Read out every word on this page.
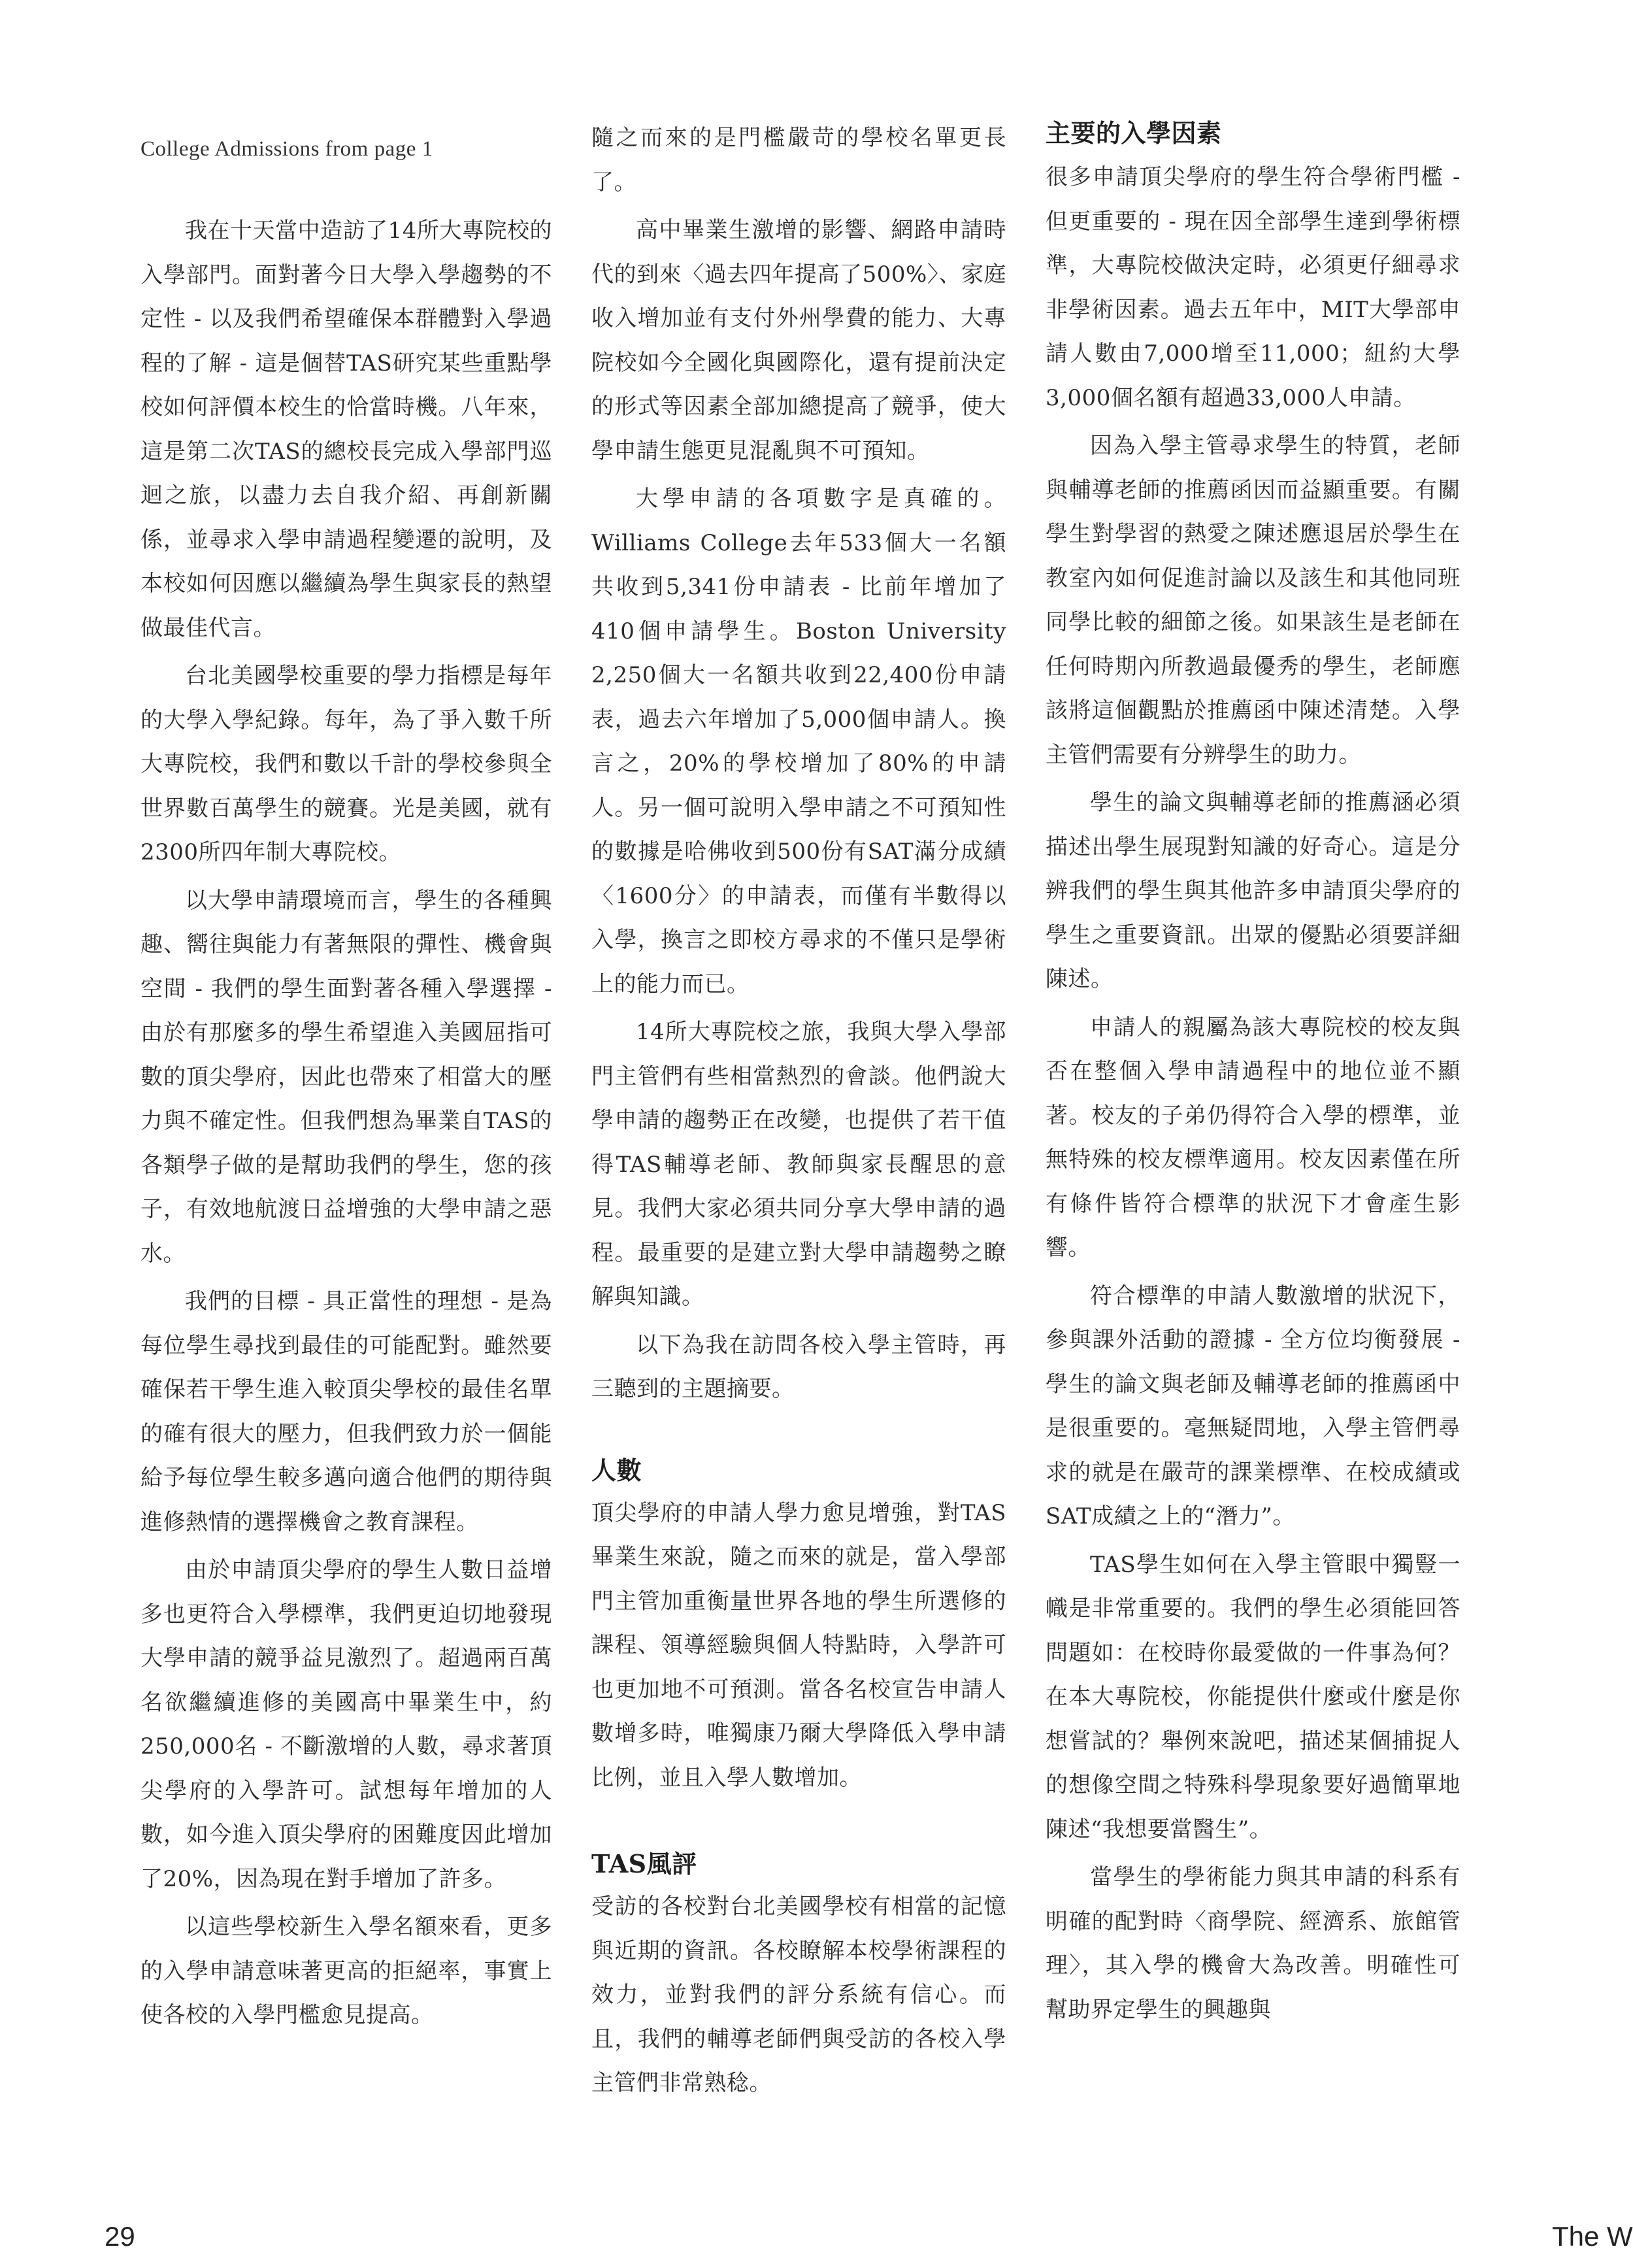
College Admissions from page 1

我在十天當中造訪了14所大專院校的入學部門。面對著今日大學入學趨勢的不定性 - 以及我們希望確保本群體對入學過程的了解 - 這是個替TAS研究某些重點學校如何評價本校生的恰當時機。八年來，這是第二次TAS的總校長完成入學部門巡迴之旅，以盡力去自我介紹、再創新關係，並尋求入學申請過程變遷的說明，及本校如何因應以繼續為學生與家長的熱望做最佳代言。

台北美國學校重要的學力指標是每年的大學入學紀錄。每年，為了爭入數千所大專院校，我們和數以千計的學校參與全世界數百萬學生的競賽。光是美國，就有2300所四年制大專院校。

以大學申請環境而言，學生的各種興趣、嚮往與能力有著無限的彈性、機會與空間 - 我們的學生面對著各種入學選擇 - 由於有那麼多的學生希望進入美國屈指可數的頂尖學府，因此也帶來了相當大的壓力與不確定性。但我們想為畢業自TAS的各類學子做的是幫助我們的學生，您的孩子，有效地航渡日益增強的大學申請之惡水。

我們的目標 - 具正當性的理想 - 是為每位學生尋找到最佳的可能配對。雖然要確保若干學生進入較頂尖學校的最佳名單的確有很大的壓力，但我們致力於一個能給予每位學生較多邁向適合他們的期待與進修熱情的選擇機會之教育課程。

由於申請頂尖學府的學生人數日益增多也更符合入學標準，我們更迫切地發現大學申請的競爭益見激烈了。超過兩百萬名欲繼續進修的美國高中畢業生中，約250,000名 - 不斷激增的人數，尋求著頂尖學府的入學許可。試想每年增加的人數，如今進入頂尖學府的困難度因此增加了20%，因為現在對手增加了許多。

以這些學校新生入學名額來看，更多的入學申請意味著更高的拒絕率，事實上使各校的入學門檻愈見提高。

隨之而來的是門檻嚴苛的學校名單更長了。

高中畢業生激增的影響、網路申請時代的到來〈過去四年提高了500%〉、家庭收入增加並有支付外州學費的能力、大專院校如今全國化與國際化，還有提前決定的形式等因素全部加總提高了競爭，使大學申請生態更見混亂與不可預知。

大學申請的各項數字是真確的。Williams College去年533個大一名額共收到5,341份申請表 - 比前年增加了410個申請學生。Boston University 2,250個大一名額共收到22,400份申請表，過去六年增加了5,000個申請人。換言之，20%的學校增加了80%的申請人。另一個可說明入學申請之不可預知性的數據是哈佛收到500份有SAT滿分成績〈1600分〉的申請表，而僅有半數得以入學，換言之即校方尋求的不僅只是學術上的能力而已。

14所大專院校之旅，我與大學入學部門主管們有些相當熱烈的會談。他們說大學申請的趨勢正在改變，也提供了若干值得TAS輔導老師、教師與家長醒思的意見。我們大家必須共同分享大學申請的過程。最重要的是建立對大學申請趨勢之瞭解與知識。

以下為我在訪問各校入學主管時，再三聽到的主題摘要。

人數

頂尖學府的申請人學力愈見增強，對TAS畢業生來說，隨之而來的就是，當入學部門主管加重衡量世界各地的學生所選修的課程、領導經驗與個人特點時，入學許可也更加地不可預測。當各名校宣告申請人數增多時，唯獨康乃爾大學降低入學申請比例，並且入學人數增加。

TAS風評

受訪的各校對台北美國學校有相當的記憶與近期的資訊。各校瞭解本校學術課程的效力，並對我們的評分系統有信心。而且，我們的輔導老師們與受訪的各校入學主管們非常熟稔。

主要的入學因素

很多申請頂尖學府的學生符合學術門檻 - 但更重要的 - 現在因全部學生達到學術標準，大專院校做決定時，必須更仔細尋求非學術因素。過去五年中，MIT大學部申請人數由7,000增至11,000；紐約大學3,000個名額有超過33,000人申請。

因為入學主管尋求學生的特質，老師與輔導老師的推薦函因而益顯重要。有關學生對學習的熱愛之陳述應退居於學生在教室內如何促進討論以及該生和其他同班同學比較的細節之後。如果該生是老師在任何時期內所教過最優秀的學生，老師應該將這個觀點於推薦函中陳述清楚。入學主管們需要有分辨學生的助力。

學生的論文與輔導老師的推薦涵必須描述出學生展現對知識的好奇心。這是分辨我們的學生與其他許多申請頂尖學府的學生之重要資訊。出眾的優點必須要詳細陳述。

申請人的親屬為該大專院校的校友與否在整個入學申請過程中的地位並不顯著。校友的子弟仍得符合入學的標準，並無特殊的校友標準適用。校友因素僅在所有條件皆符合標準的狀況下才會產生影響。

符合標準的申請人數激增的狀況下，參與課外活動的證據 - 全方位均衡發展 - 學生的論文與老師及輔導老師的推薦函中是很重要的。毫無疑問地，入學主管們尋求的就是在嚴苛的課業標準、在校成績或SAT成績之上的“潛力”。

TAS學生如何在入學主管眼中獨豎一幟是非常重要的。我們的學生必須能回答問題如：在校時你最愛做的一件事為何？在本大專院校，你能提供什麼或什麼是你想嘗試的？舉例來說吧，描述某個捕捉人的想像空間之特殊科學現象要好過簡單地陳述“我想要當醫生”。

當學生的學術能力與其申請的科系有明確的配對時〈商學院、經濟系、旅館管理〉，其入學的機會大為改善。明確性可幫助界定學生的興趣與

29	The W
